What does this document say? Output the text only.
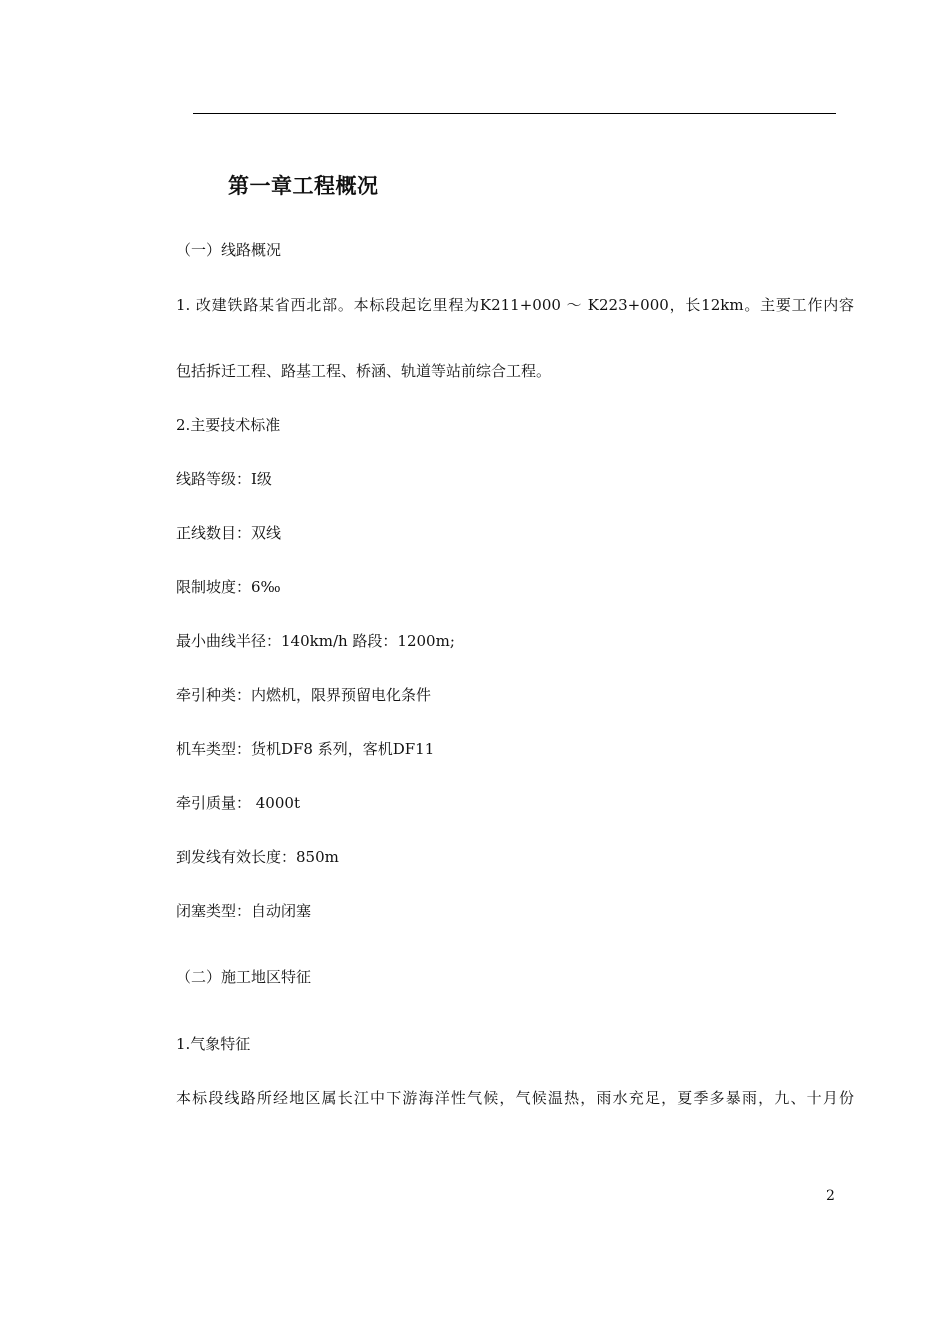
第一章工程概况
（一）线路概况
1. 改建铁路某省西北部。本标段起讫里程为K211+000 ～ K223+000，长12km。主要工作内容
包括拆迁工程、路基工程、桥涵、轨道等站前综合工程。
2.主要技术标准
线路等级：Ⅰ级
正线数目：双线
限制坡度：6‰
最小曲线半径：140km/h 路段：1200m;
牵引种类：内燃机，限界预留电化条件
机车类型：货机DF8 系列，客机DF11
牵引质量： 4000t
到发线有效长度：850m
闭塞类型：自动闭塞
（二）施工地区特征
1.气象特征
本标段线路所经地区属长江中下游海洋性气候，气候温热，雨水充足，夏季多暴雨，九、十月份
2
